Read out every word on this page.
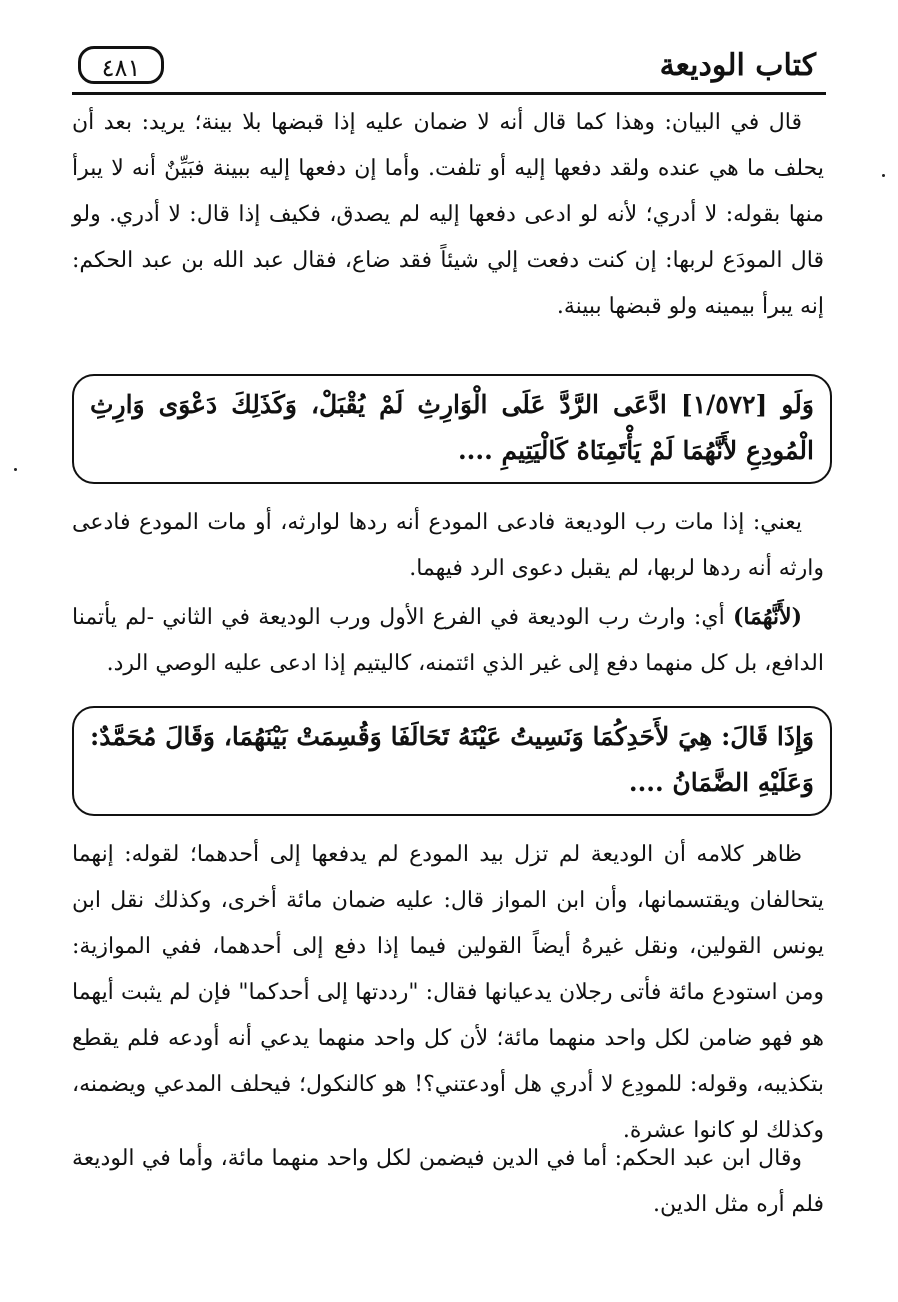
٤٨١	كتاب الوديعة
قال في البيان: وهذا كما قال أنه لا ضمان عليه إذا قبضها بلا بينة؛ يريد: بعد أن يحلف ما هي عنده ولقد دفعها إليه أو تلفت. وأما إن دفعها إليه ببينة فبَيِّنٌ أنه لا يبرأ منها بقوله: لا أدري؛ لأنه لو ادعى دفعها إليه لم يصدق، فكيف إذا قال: لا أدري. ولو قال المودَع لربها: إن كنت دفعت إلي شيئاً فقد ضاع، فقال عبد الله بن عبد الحكم: إنه يبرأ بيمينه ولو قبضها ببينة.
وَلَو [١/٥٧٢] ادَّعَى الرَّدَّ عَلَى الْوَارِثِ لَمْ يُقْبَلْ، وَكَذَلِكَ دَعْوَى وَارِثِ الْمُودِعِ لأَنَّهُمَا لَمْ يَأْتَمِنَاهُ كَالْيَتِيمِ ....
يعني: إذا مات رب الوديعة فادعى المودع أنه ردها لوارثه، أو مات المودع فادعى وارثه أنه ردها لربها، لم يقبل دعوى الرد فيهما.
(لأَنَّهُمَا) أي: وارث رب الوديعة في الفرع الأول ورب الوديعة في الثاني -لم يأتمنا الدافع، بل كل منهما دفع إلى غير الذي ائتمنه، كاليتيم إذا ادعى عليه الوصي الرد.
وَإِذَا قَالَ: هِيَ لأَحَدِكُمَا وَنَسِيتُ عَيْنَهُ تَحَالَفَا وَقُسِمَتْ بَيْنَهُمَا، وَقَالَ مُحَمَّدٌ: وَعَلَيْهِ الضَّمَانُ ....
ظاهر كلامه أن الوديعة لم تزل بيد المودع لم يدفعها إلى أحدهما؛ لقوله: إنهما يتحالفان ويقتسمانها، وأن ابن المواز قال: عليه ضمان مائة أخرى، وكذلك نقل ابن يونس القولين، ونقل غيرهُ أيضاً القولين فيما إذا دفع إلى أحدهما، ففي الموازية: ومن استودع مائة فأتى رجلان يدعيانها فقال: "رددتها إلى أحدكما" فإن لم يثبت أيهما هو فهو ضامن لكل واحد منهما مائة؛ لأن كل واحد منهما يدعي أنه أودعه فلم يقطع بتكذيبه، وقوله: للمودِع لا أدري هل أودعتني؟! هو كالنكول؛ فيحلف المدعي ويضمنه، وكذلك لو كانوا عشرة.
وقال ابن عبد الحكم: أما في الدين فيضمن لكل واحد منهما مائة، وأما في الوديعة فلم أره مثل الدين.
